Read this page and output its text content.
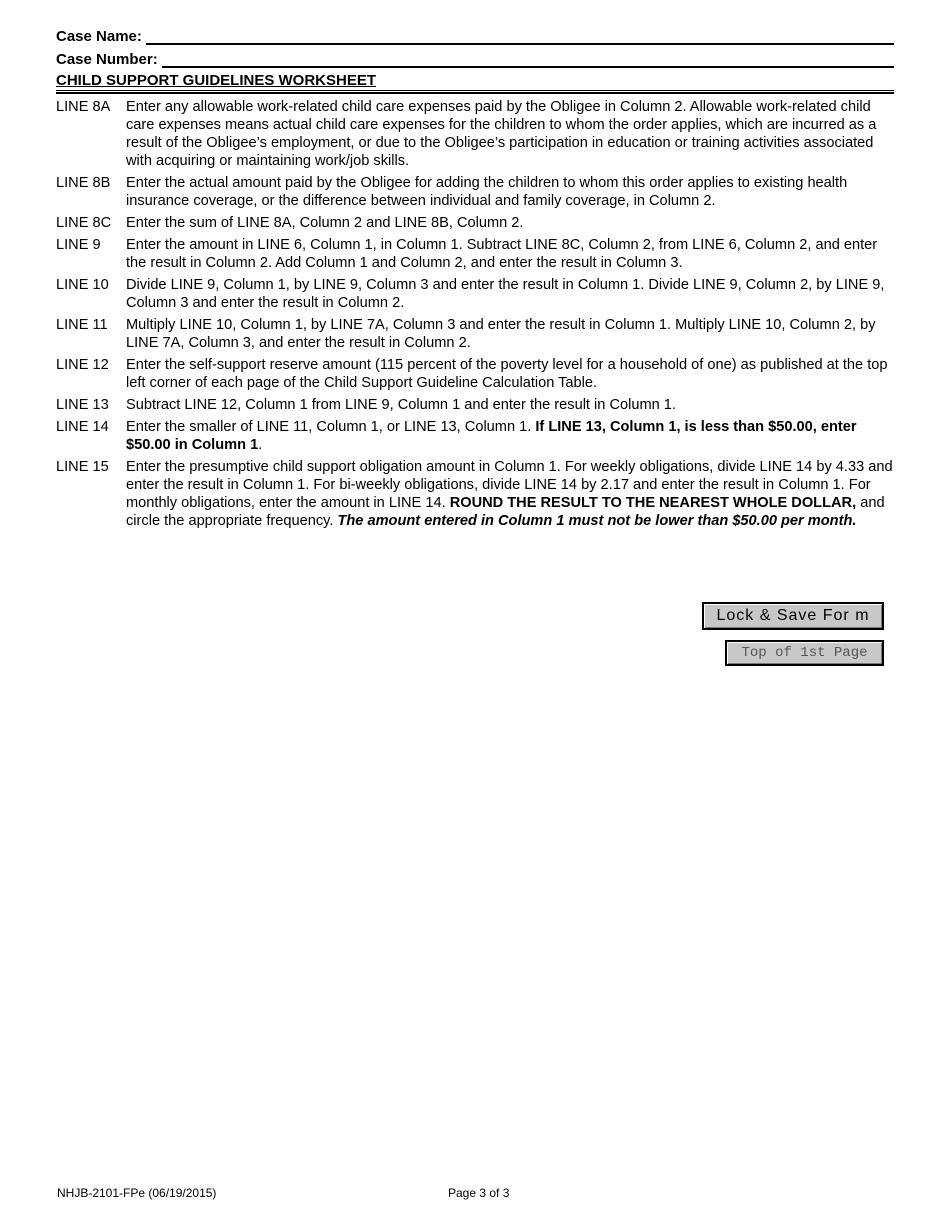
Case Name:
Case Number:
CHILD SUPPORT GUIDELINES WORKSHEET
LINE 8A	Enter any allowable work-related child care expenses paid by the Obligee in Column 2. Allowable work-related child care expenses means actual child care expenses for the children to whom the order applies, which are incurred as a result of the Obligee’s employment, or due to the Obligee’s participation in education or training activities associated with acquiring or maintaining work/job skills.
LINE 8B	Enter the actual amount paid by the Obligee for adding the children to whom this order applies to existing health insurance coverage, or the difference between individual and family coverage, in Column 2.
LINE 8C	Enter the sum of LINE 8A, Column 2 and LINE 8B, Column 2.
LINE 9	Enter the amount in LINE 6, Column 1, in Column 1. Subtract LINE 8C, Column 2, from LINE 6, Column 2, and enter the result in Column 2. Add Column 1 and Column 2, and enter the result in Column 3.
LINE 10	Divide LINE 9, Column 1, by LINE 9, Column 3 and enter the result in Column 1. Divide LINE 9, Column 2, by LINE 9, Column 3 and enter the result in Column 2.
LINE 11	Multiply LINE 10, Column 1, by LINE 7A, Column 3 and enter the result in Column 1. Multiply LINE 10, Column 2, by LINE 7A, Column 3, and enter the result in Column 2.
LINE 12	Enter the self-support reserve amount (115 percent of the poverty level for a household of one) as published at the top left corner of each page of the Child Support Guideline Calculation Table.
LINE 13	Subtract LINE 12, Column 1 from LINE 9, Column 1 and enter the result in Column 1.
LINE 14	Enter the smaller of LINE 11, Column 1, or LINE 13, Column 1. If LINE 13, Column 1, is less than $50.00, enter $50.00 in Column 1.
LINE 15	Enter the presumptive child support obligation amount in Column 1. For weekly obligations, divide LINE 14 by 4.33 and enter the result in Column 1. For bi-weekly obligations, divide LINE 14 by 2.17 and enter the result in Column 1. For monthly obligations, enter the amount in LINE 14. ROUND THE RESULT TO THE NEAREST WHOLE DOLLAR, and circle the appropriate frequency. The amount entered in Column 1 must not be lower than $50.00 per month.
Lock & Save For m
Top of 1st Page
NHJB-2101-FPe (06/19/2015)	Page 3 of 3
